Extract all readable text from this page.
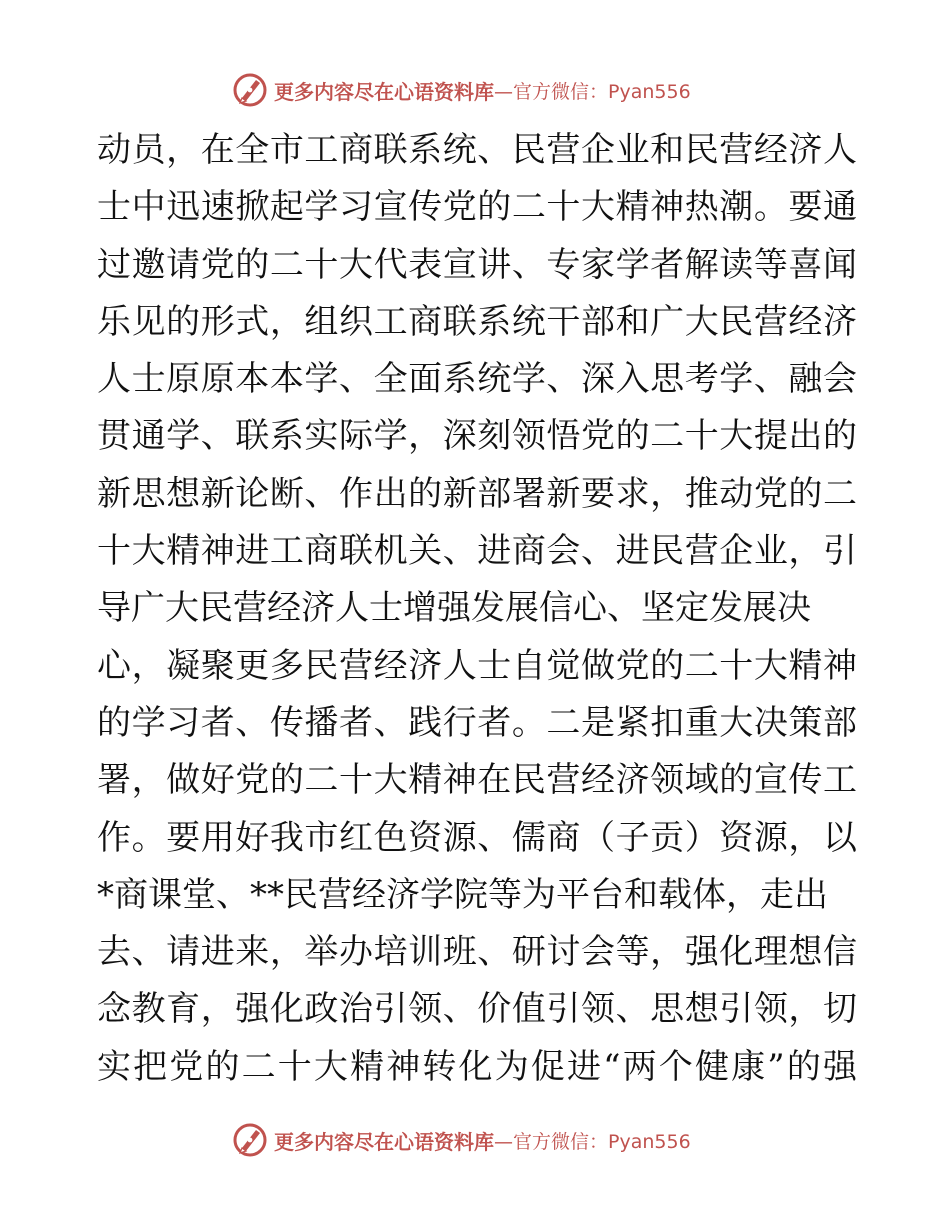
更多内容尽在心语资料库 —官方微信：Pyan556
动员，在全市工商联系统、民营企业和民营经济人
士中迅速掀起学习宣传党的二十大精神热潮。要通
过邀请党的二十大代表宣讲、专家学者解读等喜闻
乐见的形式，组织工商联系统干部和广大民营经济
人士原原本本学、全面系统学、深入思考学、融会
贯通学、联系实际学，深刻领悟党的二十大提出的
新思想新论断、作出的新部署新要求，推动党的二
十大精神进工商联机关、进商会、进民营企业，引
导广大民营经济人士增强发展信心、坚定发展决
心，凝聚更多民营经济人士自觉做党的二十大精神
的学习者、传播者、践行者。二是紧扣重大决策部
署，做好党的二十大精神在民营经济领域的宣传工
作。要用好我市红色资源、儒商（子贡）资源，以
*商课堂、**民营经济学院等为平台和载体，走出
去、请进来，举办培训班、研讨会等，强化理想信
念教育，强化政治引领、价值引领、思想引领，切
实把党的二十大精神转化为促进“两个健康”的强
更多内容尽在心语资料库 —官方微信：Pyan556
